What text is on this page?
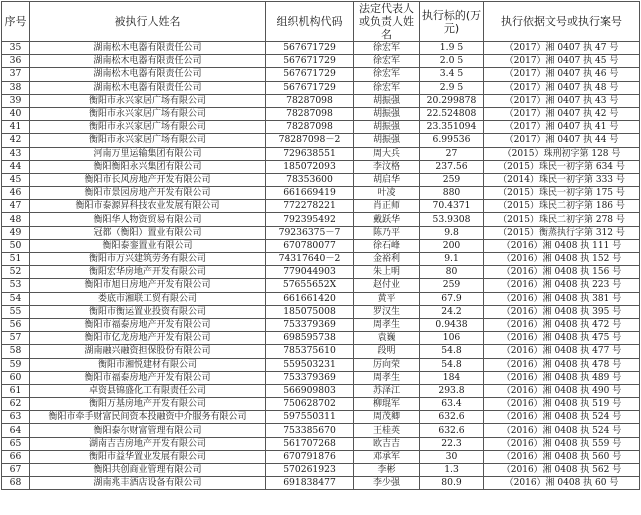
序号	被执行人姓名	组织机构代码	法定代表人或负责人姓名	执行标的(万元)	执行依据文号或执行案号
35	湖南松木电器有限责任公司	567671729	徐宏军	1.9 5	（2017）湘 0407 执 47 号
36	湖南松木电器有限责任公司	567671729	徐宏军	2.0 5	（2017）湘 0407 执 45 号
37	湖南松木电器有限责任公司	567671729	徐宏军	3.4 5	（2017）湘 0407 执 46 号
38	湖南松木电器有限责任公司	567671729	徐宏军	2.9 5	（2017）湘 0407 执 48 号
39	衡阳市永兴家居广场有限公司	78287098	胡振强	20.299878	（2017）湘 0407 执 43 号
40	衡阳市永兴家居广场有限公司	78287098	胡振强	22.524808	（2017）湘 0407 执 42 号
41	衡阳市永兴家居广场有限公司	78287098	胡振强	23.351094	（2017）湘 0407 执 41 号
42	衡阳市永兴家居广场有限公司	78287098－2	胡振强	6.99536	（2017）湘 0407 执 44 号
43	河南万里运输集团有限公司	729638551	周大兵	27	（2015）珠刑初字第 128 号
44	衡阳衡阳永兴集团有限公司	185072093	李汶格	237.56	（2015）珠民一初字第 634 号
45	衡阳市长风房地产开发有限公司	78353600	胡启华	259	（2014）珠民一初字第 333 号
46	衡阳市景园房地产开发有限公司	661669419	叶凌	880	（2015）珠民一初字第 175 号
47	衡阳市泰源昇科技农业发展有限公司	772278221	肖正师	70.4371	（2015）珠民二初字第 186 号
48	衡阳华人物资贸易有限公司	792395492	戴跃华	53.9308	（2015）珠民二初字第 278 号
49	冠都（衡阳）置业有限公司	79236375－7	陈乃平	9.8	（2015）衡蒸执行字第 312 号
50	衡阳泰銮置业有限公司	670780077	徐石峰	200	（2016）湘 0408 执 111 号
51	衡阳市万兴建筑劳务有限公司	74317640－2	金裕利	9.1	（2016）湘 0408 执 152 号
52	衡阳宏华房地产开发有限公司	779044903	朱上明	80	（2016）湘 0408 执 156 号
53	衡阳市旭日房地产开发有限公司	57655652X	赵付业	259	（2016）湘 0408 执 223 号
54	娄底市湘联工贸有限公司	661661420	黄平	67.9	（2016）湘 0408 执 381 号
55	衡阳市衡运置业投资有限公司	185075008	罗汉生	24.2	（2016）湘 0408 执 395 号
56	衡阳市福泰房地产开发有限公司	753379369	周孝生	0.9438	（2016）湘 0408 执 472 号
57	衡阳市亿龙房地产开发有限公司	698595738	袁巍	106	（2016）湘 0408 执 475 号
58	湖南融兴融资担保股份有限公司	785375610	段明	54.8	（2016）湘 0408 执 477 号
59	衡阳市湘悦建材有限公司	559503231	厉向荣	54.8	（2016）湘 0408 执 478 号
60	衡阳市福泰房地产开发有限公司	753379369	周孝生	184	（2016）湘 0408 执 489 号
61	卓资县锦盛化工有限责任公司	566909803	苏泽江	293.8	（2016）湘 0408 执 490 号
62	衡阳万基房地产开发有限公司	750628702	柳琨军	63.4	（2016）湘 0408 执 519 号
63	衡阳市牵手财富民间资本投融资中介服务有限公司	597550311	周茂卿	632.6	（2016）湘 0408 执 524 号
64	衡阳泰尔财富管理有限公司	753385670	王桂英	632.6	（2016）湘 0408 执 524 号
65	湖南吉吉房地产开发有限公司	561707268	欧吉吉	22.3	（2016）湘 0408 执 559 号
66	衡阳市益华置业发展有限公司	670791876	邓承军	30	（2016）湘 0408 执 560 号
67	衡阳共创商业管理有限公司	570261923	李彬	1.3	（2016）湘 0408 执 562 号
68	湖南兆丰酒店设备有限公司	691838477	李少强	80.9	（2016）湘 0408 执 60 号
